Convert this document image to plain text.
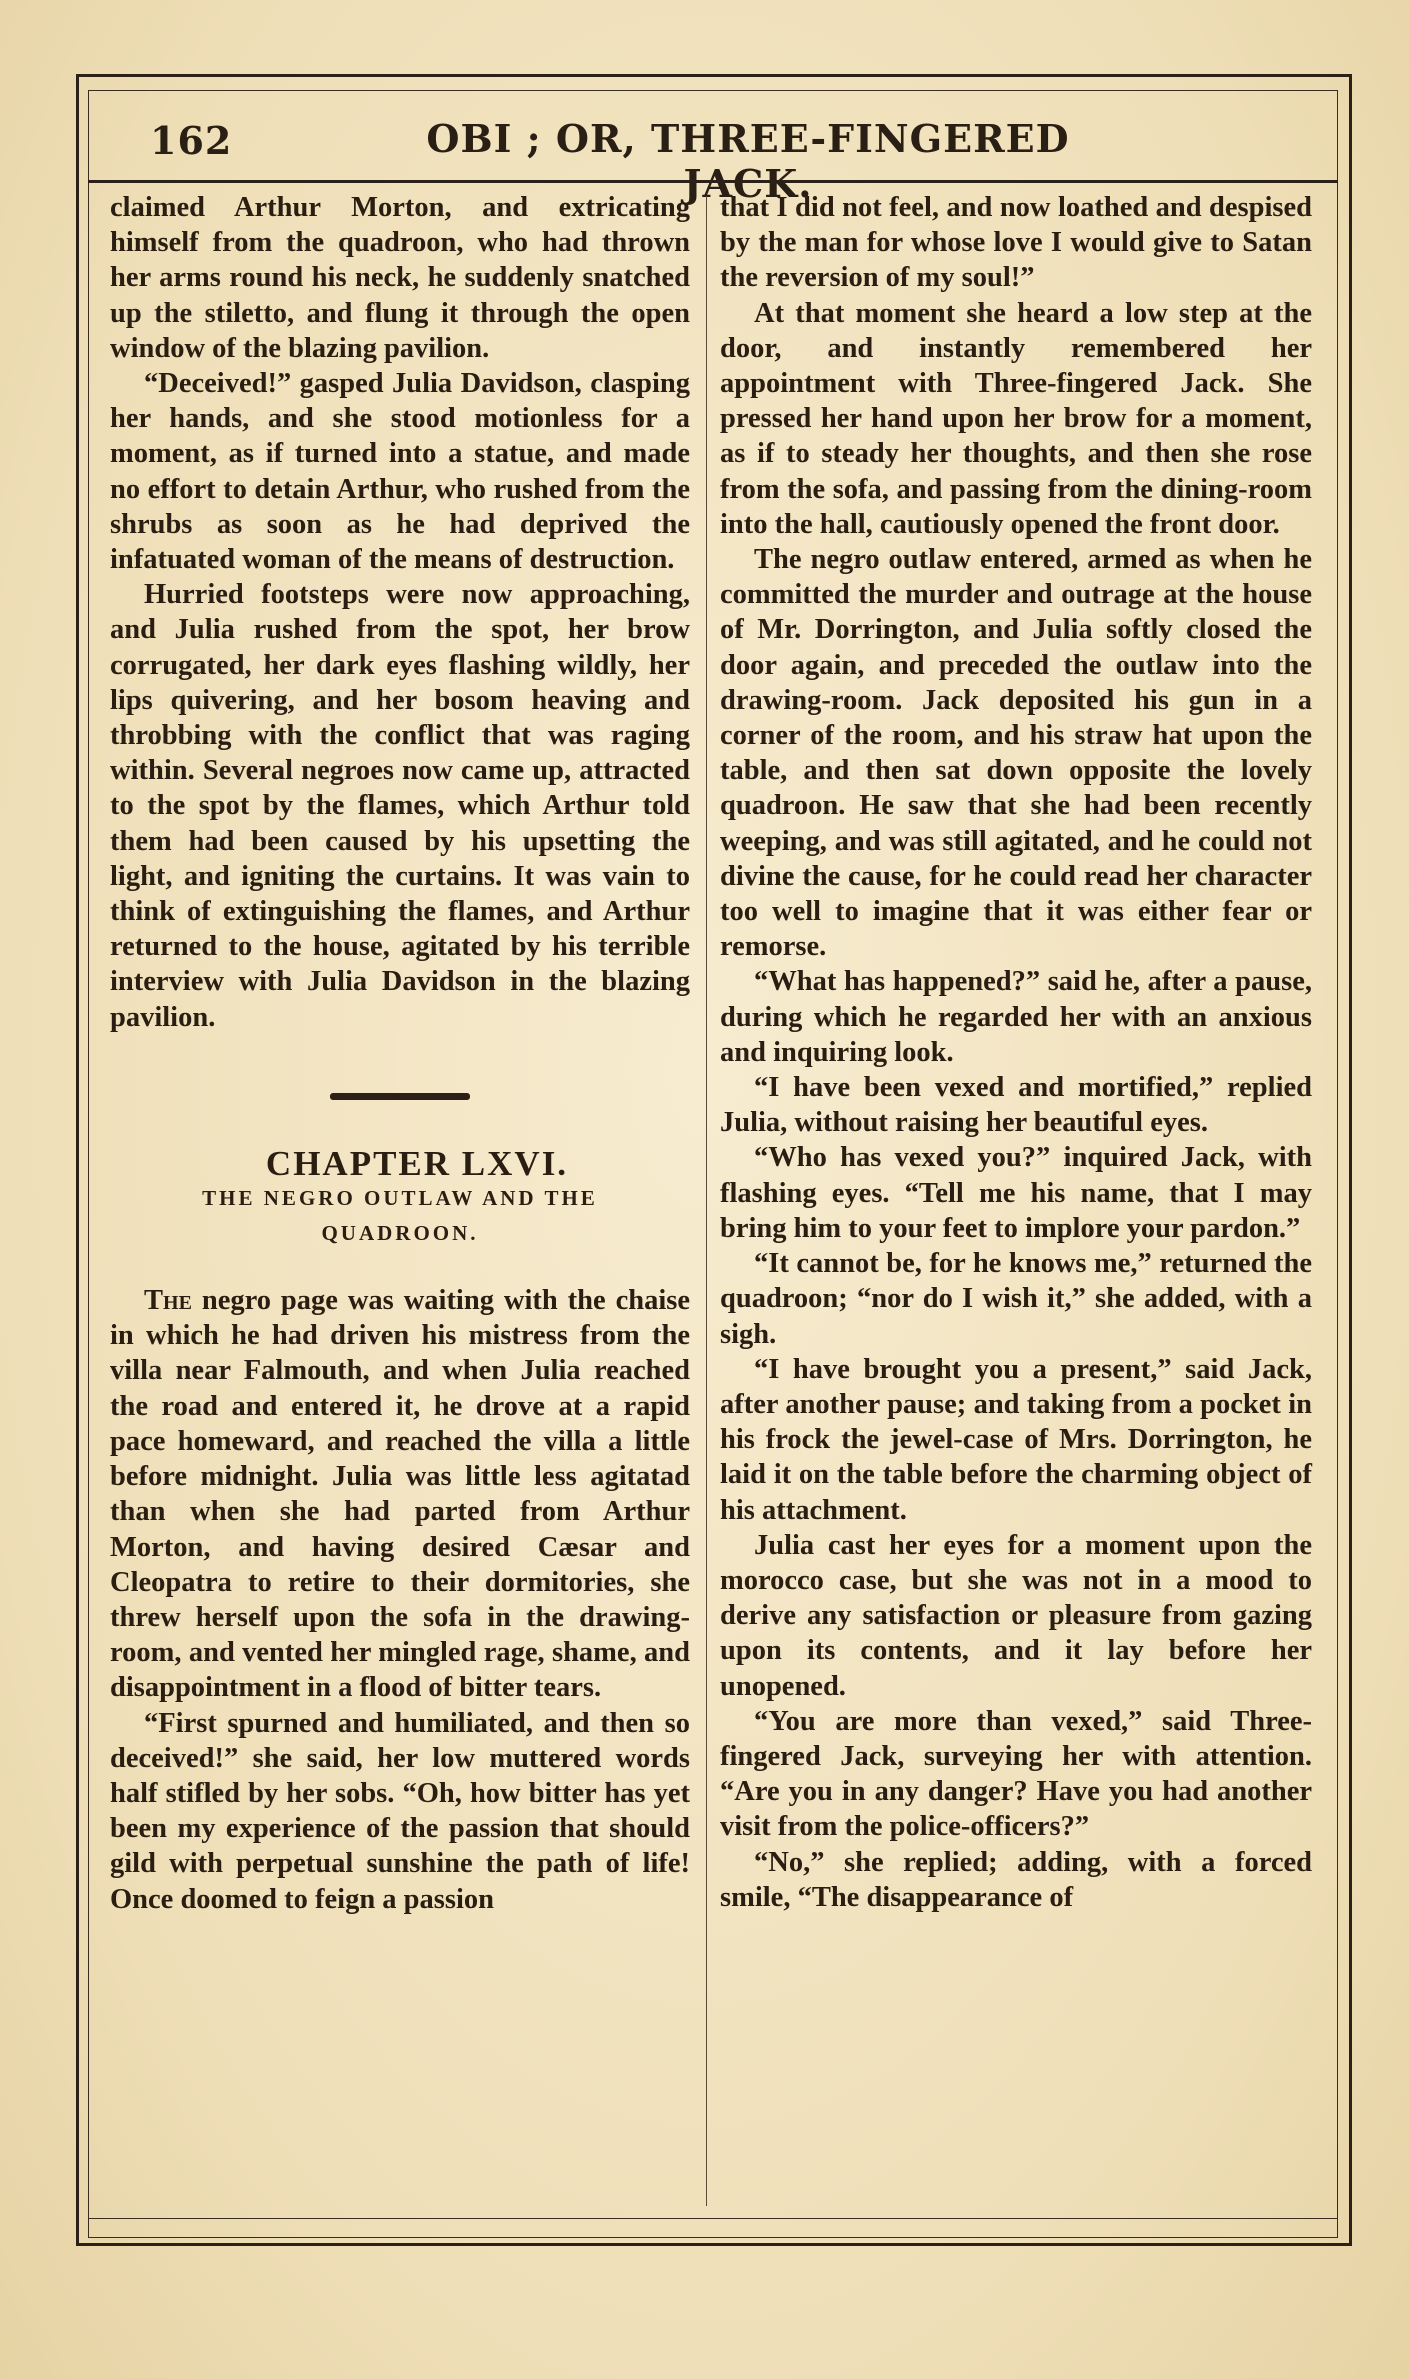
162	OBI ; OR, THREE-FINGERED JACK.

claimed Arthur Morton, and extricating himself from the quadroon, who had thrown her arms round his neck, he suddenly snatched up the stiletto, and flung it through the open window of the blazing pavilion.

“Deceived!” gasped Julia Davidson, clasping her hands, and she stood motionless for a moment, as if turned into a statue, and made no effort to detain Arthur, who rushed from the shrubs as soon as he had deprived the infatuated woman of the means of destruction.

Hurried footsteps were now approaching, and Julia rushed from the spot, her brow corrugated, her dark eyes flashing wildly, her lips quivering, and her bosom heaving and throbbing with the conflict that was raging within. Several negroes now came up, attracted to the spot by the flames, which Arthur told them had been caused by his upsetting the light, and igniting the curtains. It was vain to think of extinguishing the flames, and Arthur returned to the house, agitated by his terrible interview with Julia Davidson in the blazing pavilion.

CHAPTER LXVI.

THE NEGRO OUTLAW AND THE
QUADROON.

The negro page was waiting with the chaise in which he had driven his mistress from the villa near Falmouth, and when Julia reached the road and entered it, he drove at a rapid pace homeward, and reached the villa a little before midnight. Julia was little less agitatad than when she had parted from Arthur Morton, and having desired Cæsar and Cleopatra to retire to their dormitories, she threw herself upon the sofa in the drawing-room, and vented her mingled rage, shame, and disappointment in a flood of bitter tears.

“First spurned and humiliated, and then so deceived!” she said, her low muttered words half stifled by her sobs. “Oh, how bitter has yet been my experience of the passion that should gild with perpetual sunshine the path of life! Once doomed to feign a passion

that I did not feel, and now loathed and despised by the man for whose love I would give to Satan the reversion of my soul!”

At that moment she heard a low step at the door, and instantly remembered her appointment with Three-fingered Jack. She pressed her hand upon her brow for a moment, as if to steady her thoughts, and then she rose from the sofa, and passing from the dining-room into the hall, cautiously opened the front door.

The negro outlaw entered, armed as when he committed the murder and outrage at the house of Mr. Dorrington, and Julia softly closed the door again, and preceded the outlaw into the drawing-room. Jack deposited his gun in a corner of the room, and his straw hat upon the table, and then sat down opposite the lovely quadroon. He saw that she had been recently weeping, and was still agitated, and he could not divine the cause, for he could read her character too well to imagine that it was either fear or remorse.

“What has happened?” said he, after a pause, during which he regarded her with an anxious and inquiring look.

“I have been vexed and mortified,” replied Julia, without raising her beautiful eyes.

“Who has vexed you?” inquired Jack, with flashing eyes. “Tell me his name, that I may bring him to your feet to implore your pardon.”

“It cannot be, for he knows me,” returned the quadroon; “nor do I wish it,” she added, with a sigh.

“I have brought you a present,” said Jack, after another pause; and taking from a pocket in his frock the jewel-case of Mrs. Dorrington, he laid it on the table before the charming object of his attachment.

Julia cast her eyes for a moment upon the morocco case, but she was not in a mood to derive any satisfaction or pleasure from gazing upon its contents, and it lay before her unopened.

“You are more than vexed,” said Three-fingered Jack, surveying her with attention. “Are you in any danger? Have you had another visit from the police-officers?”

“No,” she replied; adding, with a forced smile, “The disappearance of
